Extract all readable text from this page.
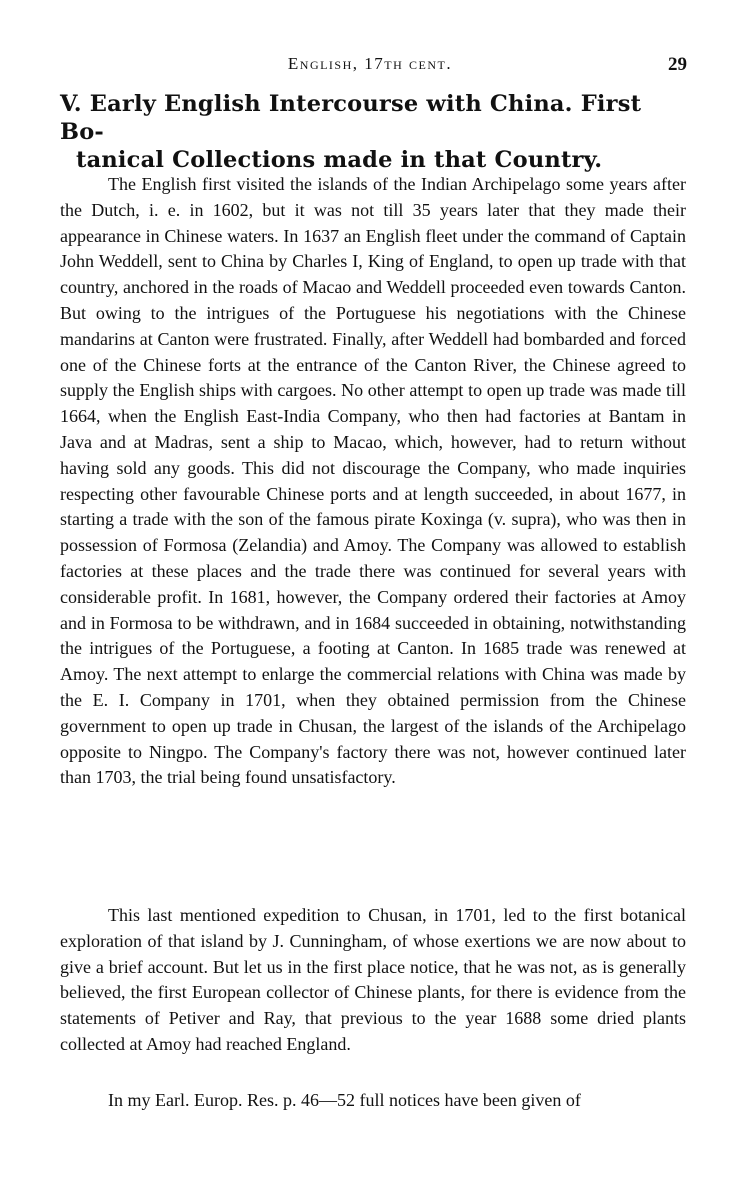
English, 17th cent.	29
V. Early English Intercourse with China. First Bo-
tanical Collections made in that Country.

The English first visited the islands of the Indian Archipelago some years after the Dutch, i. e. in 1602, but it was not till 35 years later that they made their appearance in Chinese waters. In 1637 an English fleet under the command of Captain John Weddell, sent to China by Charles I, King of England, to open up trade with that country, anchored in the roads of Macao and Weddell proceeded even towards Canton. But owing to the intrigues of the Portuguese his negotiations with the Chinese mandarins at Canton were frustrated. Finally, after Weddell had bombarded and forced one of the Chinese forts at the entrance of the Canton River, the Chinese agreed to supply the English ships with cargoes. No other attempt to open up trade was made till 1664, when the English East-India Company, who then had factories at Bantam in Java and at Madras, sent a ship to Macao, which, however, had to return without having sold any goods. This did not discourage the Company, who made inquiries respecting other favourable Chinese ports and at length succeeded, in about 1677, in starting a trade with the son of the famous pirate Koxinga (v. supra), who was then in possession of Formosa (Zelandia) and Amoy. The Company was allowed to establish factories at these places and the trade there was continued for several years with considerable profit. In 1681, however, the Company ordered their factories at Amoy and in Formosa to be withdrawn, and in 1684 succeeded in obtaining, notwithstanding the intrigues of the Portuguese, a footing at Canton. In 1685 trade was renewed at Amoy. The next attempt to enlarge the commercial relations with China was made by the E. I. Company in 1701, when they obtained permission from the Chinese government to open up trade in Chusan, the largest of the islands of the Archipelago opposite to Ningpo. The Company's factory there was not, however continued later than 1703, the trial being found unsatisfactory.

This last mentioned expedition to Chusan, in 1701, led to the first botanical exploration of that island by J. Cunningham, of whose exertions we are now about to give a brief account. But let us in the first place notice, that he was not, as is generally believed, the first European collector of Chinese plants, for there is evidence from the statements of Petiver and Ray, that previous to the year 1688 some dried plants collected at Amoy had reached England.

In my Earl. Europ. Res. p. 46—52 full notices have been given of
